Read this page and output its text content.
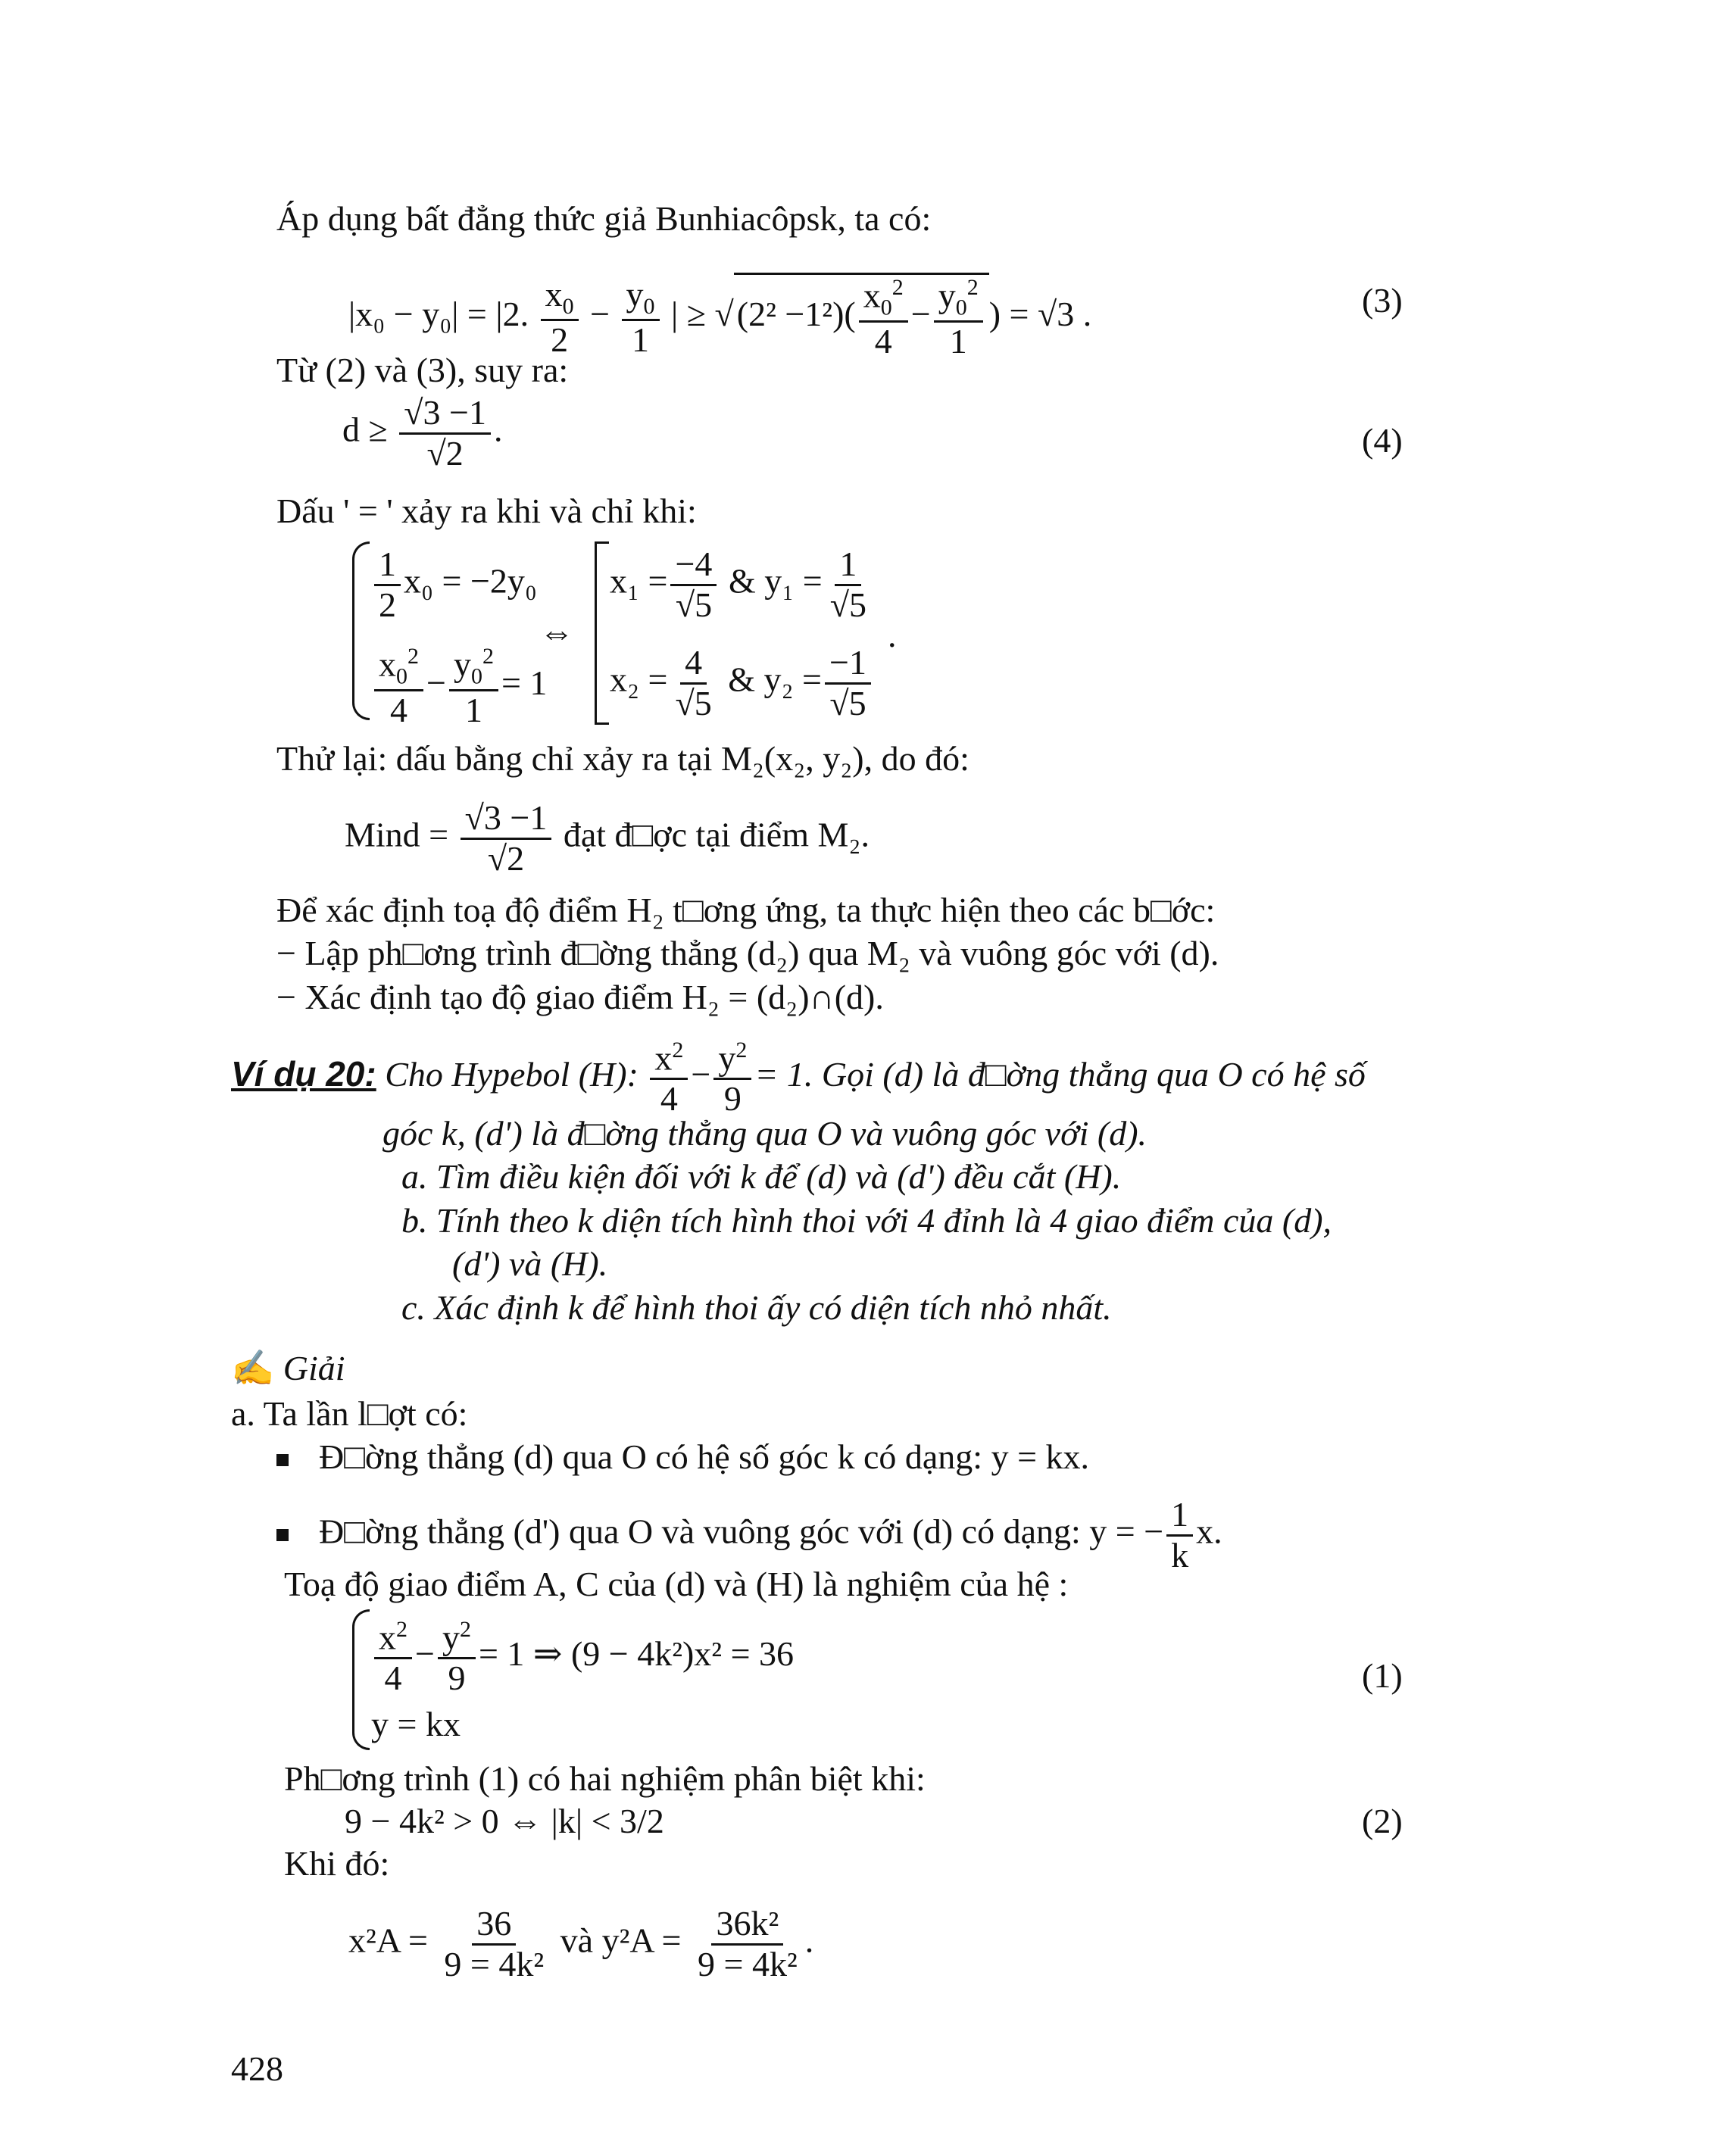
Áp dụng bất đẳng thức giả Bunhiacôpsk, ta có:
|x₀ − y₀| = |2. $\frac{x_0}{2} - \frac{y_0}{1}$ | ≥ $√(2^2 -1^2)( \frac{x_0^2}{4} - \frac{y_0^2}{1}$ ) = √3 .	(3)
Từ (2) và (3), suy ra:
$d \ge \frac{√3 -1}{√2}$ .	(4)
Dấu ' = ' xảy ra khi và chỉ khi:
$\frac{1}{2} x_0 = -2y_0$
$\frac{x_0^2}{4} - \frac{y_0^2}{1} = 1$
⇔
$x_1 = \frac{-4}{√5}$ & $y_1 = \frac{1}{√5}$
$x_2 = \frac{4}{√5}$ & $y_2 = \frac{-1}{√5}$
.
Thử lại: dấu bằng chỉ xảy ra tại M₂(x₂, y₂), do đó:
Mind = $\frac{√3 -1}{√2}$ đạt đ□ợc tại điểm M₂.
Để xác định toạ độ điểm H₂ t□ơng ứng, ta thực hiện theo các b□ớc:
− Lập ph□ơng trình đ□ờng thẳng (d₂) qua M₂ và vuông góc với (d).
− Xác định tạo độ giao điểm H₂ = (d₂)∩(d).
Ví dụ 20: Cho Hypebol (H): $\frac{x^2}{4} - \frac{y^2}{9} = 1$. Gọi (d) là đ□ờng thẳng qua O có hệ số
góc k, (d') là đ□ờng thẳng qua O và vuông góc với (d).
a. Tìm điều kiện đối với k để (d) và (d') đều cắt (H).
b. Tính theo k diện tích hình thoi với 4 đỉnh là 4 giao điểm của (d),
(d') và (H).
c. Xác định k để hình thoi ấy có diện tích nhỏ nhất.
✍ Giải
a. Ta lần l□ợt có:
Đ□ờng thẳng (d) qua O có hệ số góc k có dạng: y = kx.
Đ□ờng thẳng (d') qua O và vuông góc với (d) có dạng: y = − $\frac{1}{k} x$.
Toạ độ giao điểm A, C của (d) và (H) là nghiệm của hệ :
$\frac{x^2}{4} - \frac{y^2}{9} = 1$ ⇒ (9 − 4k²)x² = 36
y = kx
(1)
Ph□ơng trình (1) có hai nghiệm phân biệt khi:
9 − 4k² > 0 ⇔ |k| < 3/2	(2)
Khi đó:
$x^2A = \frac{36}{\text{9 = 4k²}}$ và $y^2A = \frac{\text{36k²}}{\text{9 = 4k²}}$ .
428
